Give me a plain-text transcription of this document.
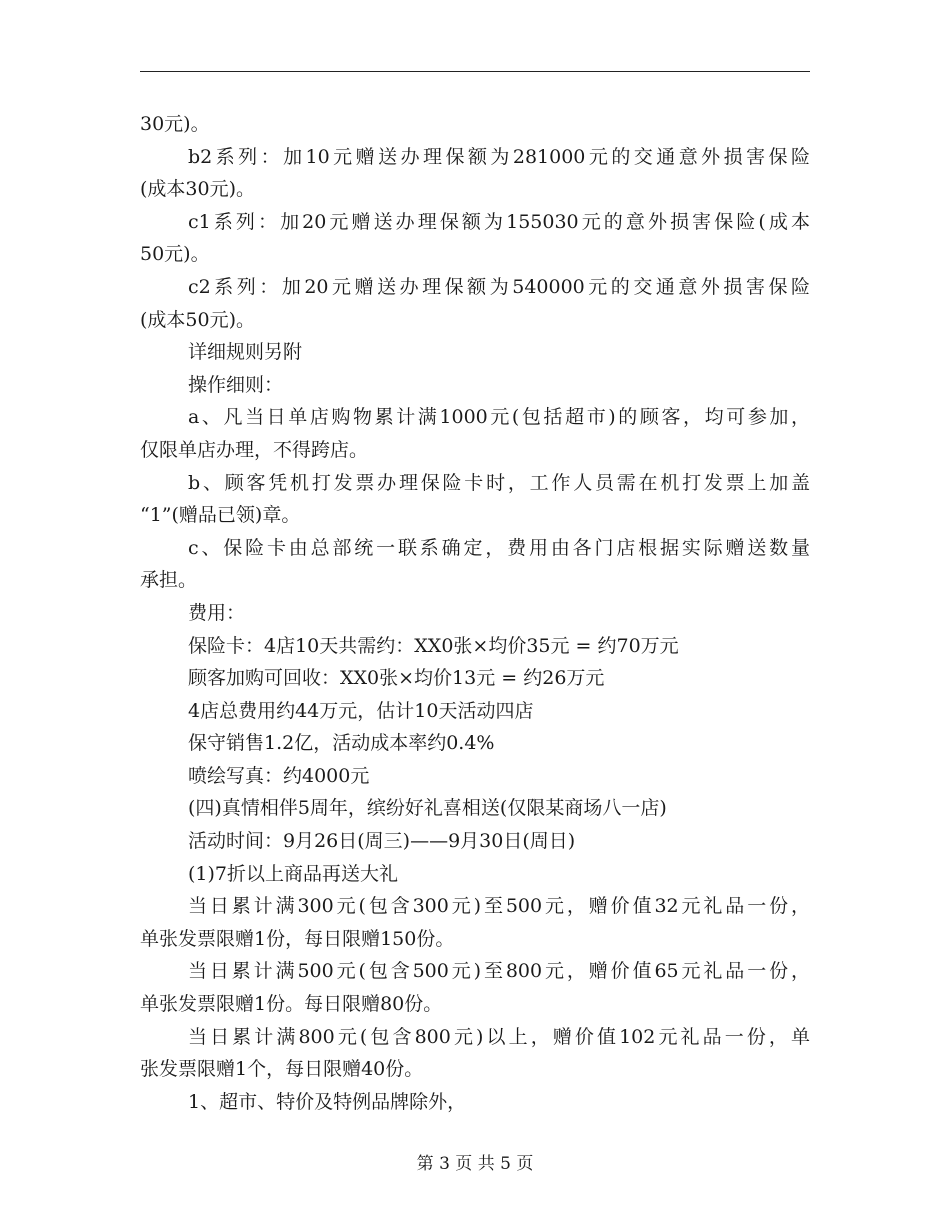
30元)。
b2系列：加10元赠送办理保额为281000元的交通意外损害保险
(成本30元)。
c1系列：加20元赠送办理保额为155030元的意外损害保险(成本
50元)。
c2系列：加20元赠送办理保额为540000元的交通意外损害保险
(成本50元)。
详细规则另附
操作细则：
a、凡当日单店购物累计满1000元(包括超市)的顾客，均可参加，
仅限单店办理，不得跨店。
b、顾客凭机打发票办理保险卡时，工作人员需在机打发票上加盖
“1”(赠品已领)章。
c、保险卡由总部统一联系确定，费用由各门店根据实际赠送数量
承担。
费用：
保险卡：4店10天共需约：XX0张×均价35元 = 约70万元
顾客加购可回收：XX0张×均价13元 = 约26万元
4店总费用约44万元，估计10天活动四店
保守销售1.2亿，活动成本率约0.4%
喷绘写真：约4000元
(四)真情相伴5周年，缤纷好礼喜相送(仅限某商场八一店)
活动时间：9月26日(周三)——9月30日(周日)
(1)7折以上商品再送大礼
当日累计满300元(包含300元)至500元，赠价值32元礼品一份，
单张发票限赠1份，每日限赠150份。
当日累计满500元(包含500元)至800元，赠价值65元礼品一份，
单张发票限赠1份。每日限赠80份。
当日累计满800元(包含800元)以上，赠价值102元礼品一份，单
张发票限赠1个，每日限赠40份。
1、超市、特价及特例品牌除外，
第 3 页 共 5 页
